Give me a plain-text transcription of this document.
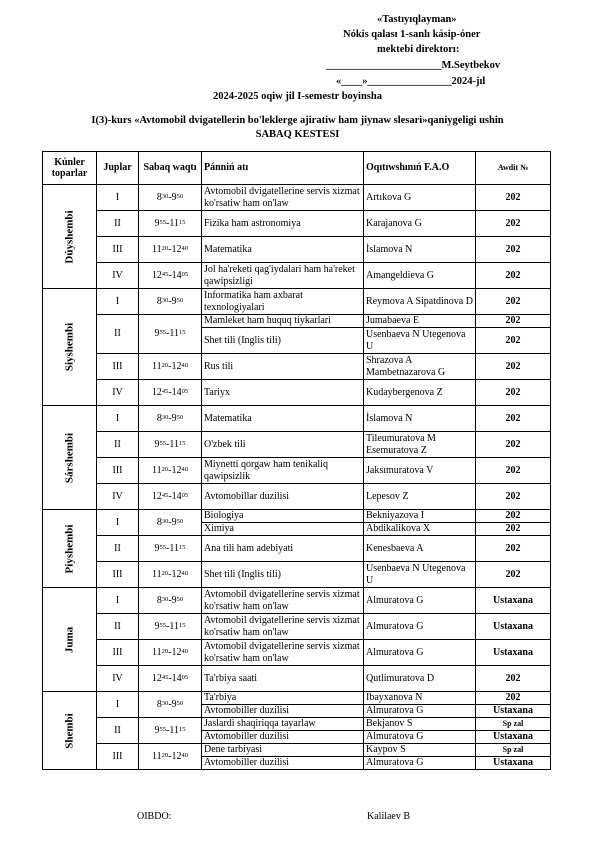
«Tastıyıqlayman»
Nókis qalası 1-sanlı kásip-óner
mektebi direktorı:
______________________M.Seytbekov
«____»________________2024-jıl
2024-2025 oqiw jil I-semestr boyinsha
I(3)-kurs «Avtomobil dvigatellerin bo'leklerge ajiratiw ham jiynaw slesari»qaniygeligi ushin
SABAQ KESTESI
Kúnler toparlar	Juplar	Sabaq waqtı	Pánniń atı	Oqıtıwshınıń F.A.O	Awdit №

Dúyshembi	I	$8^{30}-9^{50}$	Avtomobil dvigatellerine servis xizmat ko'rsatiw ham on'law	Artıkova G	202
	II	$9^{55}-11^{15}$	Fizika ham astronomiya	Karajanova G	202
	III	$11^{20}-12^{40}$	Matematika	İslamova N	202
	IV	$12^{45}-14^{05}$	Jol ha'reketi qag'iydalari ham ha'reket qawipsizligi	Amangeldieva G	202

Siyshembi	I	$8^{30}-9^{50}$	Informatika ham axbarat texnologiyalari	Reymova A Sipatdinova D	202
	II	$9^{55}-11^{15}$	Mamleket ham huquq tiykarlari	Jumabaeva E	202
			Shet tili (Inglis tili)	Usenbaeva N Utegenova U	202
	III	$11^{20}-12^{40}$	Rus tili	Shrazova A Mambetnazarova G	202
	IV	$12^{45}-14^{05}$	Tariyx	Kudaybergenova Z	202

Sárshembi	I	$8^{30}-9^{50}$	Matematika	İslamova N	202
	II	$9^{55}-11^{15}$	O'zbek tili	Tileumuratova M Esemuratova Z	202
	III	$11^{20}-12^{40}$	Miynetti qorgaw ham tenikaliq qawipsizlik	Jaksımuratova V	202
	IV	$12^{45}-14^{05}$	Avtomobillar duzilisi	Lepesov Z	202

Piyshembi	I	$8^{30}-9^{50}$	Biologiya	Bekniyazova I	202
			Ximiya	Abdikalikova X	202
	II	$9^{55}-11^{15}$	Ana tili ham adebiyati	Kenesbaeva A	202
	III	$11^{20}-12^{40}$	Shet tili (Inglis tili)	Usenbaeva N Utegenova U	202

Juma	I	$8^{30}-9^{50}$	Avtomobil dvigatellerine servis xizmat ko'rsatiw ham on'law	Almuratova G	Ustaxana
	II	$9^{55}-11^{15}$	Avtomobil dvigatellerine servis xizmat ko'rsatiw ham on'law	Almuratova G	Ustaxana
	III	$11^{20}-12^{40}$	Avtomobil dvigatellerine servis xizmat ko'rsatiw ham on'law	Almuratova G	Ustaxana
	IV	$12^{45}-14^{05}$	Ta'rbiya saati	Qutlimuratova D	202

Shembi	I	$8^{30}-9^{50}$	Ta'rbiya	Ibayxanova N	202
			Avtomobiller duzilisi	Almuratova G	Ustaxana
	II	$9^{55}-11^{15}$	Jaslardi shaqiriqqa tayarlaw	Bekjanov S	Sp zal
			Avtomobiller duzilisi	Almuratova G	Ustaxana
	III	$11^{20}-12^{40}$	Dene tarbiyasi	Kaypov S	Sp zal
			Avtomobiller duzilisi	Almuratova G	Ustaxana
OIBDO:	Kalilaev B
